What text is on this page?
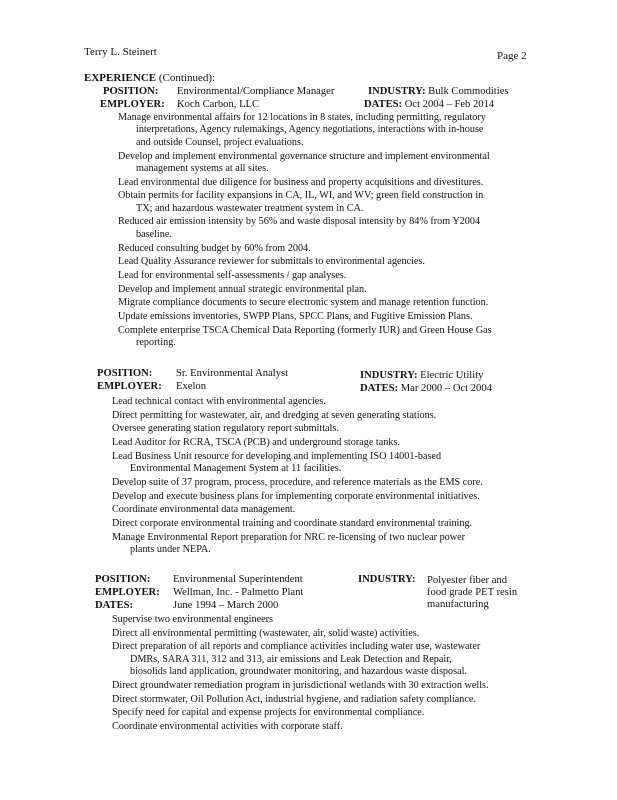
Terry L. Steinert	Page 2
EXPERIENCE (Continued):
POSITION: Environmental/Compliance Manager	INDUSTRY: Bulk Commodities
EMPLOYER: Koch Carbon, LLC	DATES: Oct 2004 – Feb 2014
Manage environmental affairs for 12 locations in 8 states, including permitting, regulatory
interpretations, Agency rulemakings, Agency negotiations, interactions with in-house
and outside Counsel, project evaluations.
Develop and implement environmental governance structure and implement environmental
management systems at all sites.
Lead environmental due diligence for business and property acquisitions and divestitures.
Obtain permits for facility expansions in CA, IL, WI, and WV; green field construction in
TX; and hazardous wastewater treatment system in CA.
Reduced air emission intensity by 56% and waste disposal intensity by 84% from Y2004
baseline.
Reduced consulting budget by 60% from 2004.
Lead Quality Assurance reviewer for submittals to environmental agencies.
Lead for environmental self-assessments / gap analyses.
Develop and implement annual strategic environmental plan.
Migrate compliance documents to secure electronic system and manage retention function.
Update emissions inventories, SWPP Plans, SPCC Plans, and Fugitive Emission Plans.
Complete enterprise TSCA Chemical Data Reporting (formerly IUR) and Green House Gas
reporting.
POSITION: Sr. Environmental Analyst	INDUSTRY: Electric Utility
EMPLOYER: Exelon	DATES: Mar 2000 – Oct 2004
Lead technical contact with environmental agencies.
Direct permitting for wastewater, air, and dredging at seven generating stations.
Oversee generating station regulatory report submittals.
Lead Auditor for RCRA, TSCA (PCB) and underground storage tanks.
Lead Business Unit resource for developing and implementing ISO 14001-based
Environmental Management System at 11 facilities.
Develop suite of 37 program, process, procedure, and reference materials as the EMS core.
Develop and execute business plans for implementing corporate environmental initiatives.
Coordinate environmental data management.
Direct corporate environmental training and coordinate standard environmental training.
Manage Environmental Report preparation for NRC re-licensing of two nuclear power
plants under NEPA.
POSITION: Environmental Superintendent
EMPLOYER: Wellman, Inc. - Palmetto Plant
DATES:	June 1994 – March 2000
INDUSTRY: Polyester fiber and
food grade PET resin
manufacturing
Supervise two environmental engineers
Direct all environmental permitting (wastewater, air, solid waste) activities.
Direct preparation of all reports and compliance activities including water use, wastewater
DMRs, SARA 311, 312 and 313, air emissions and Leak Detection and Repair,
biosolids land application, groundwater monitoring, and hazardous waste disposal.
Direct groundwater remediation program in jurisdictional wetlands with 30 extraction wells.
Direct stormwater, Oil Pollution Act, industrial hygiene, and radiation safety compliance.
Specify need for capital and expense projects for environmental compliance.
Coordinate environmental activities with corporate staff.
